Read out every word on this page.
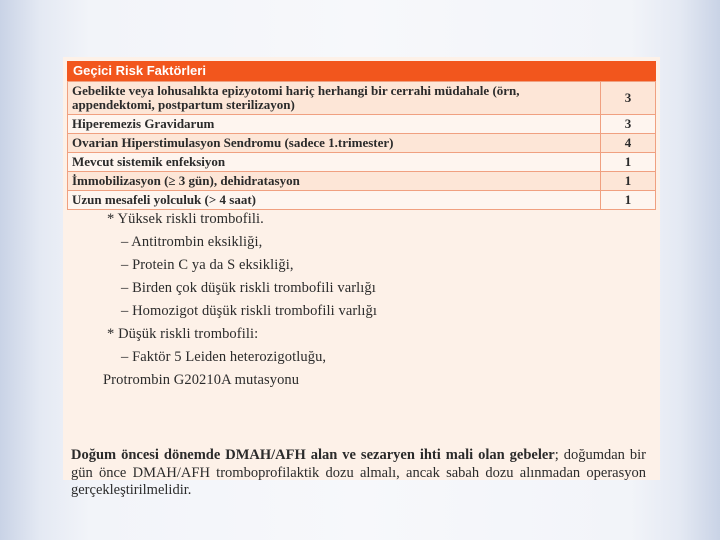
Geçici Risk Faktörleri
Gebelikte veya lohusalıkta epizyotomi hariç herhangi bir cerrahi müdahale (örn, appendektomi, postpartum sterilizayon)	3
Hiperemezis Gravidarum	3
Ovarian Hiperstimulasyon Sendromu (sadece 1.trimester)	4
Mevcut sistemik enfeksiyon	1
İmmobilizasyon (≥ 3 gün), dehidratasyon	1
Uzun mesafeli yolculuk (> 4 saat)	1
* Yüksek riskli trombofili.
– Antitrombin eksikliği,
– Protein C ya da S eksikliği,
– Birden çok düşük riskli trombofili varlığı
– Homozigot düşük riskli trombofili varlığı
* Düşük riskli trombofili:
– Faktör 5 Leiden heterozigotluğu,
Protrombin G20210A mutasyonu
Doğum öncesi dönemde DMAH/AFH alan ve sezaryen ihti mali olan gebeler; doğumdan bir gün önce DMAH/AFH tromboprofilaktik dozu almalı, ancak sabah dozu alınmadan operasyon gerçekleştirilmelidir.
